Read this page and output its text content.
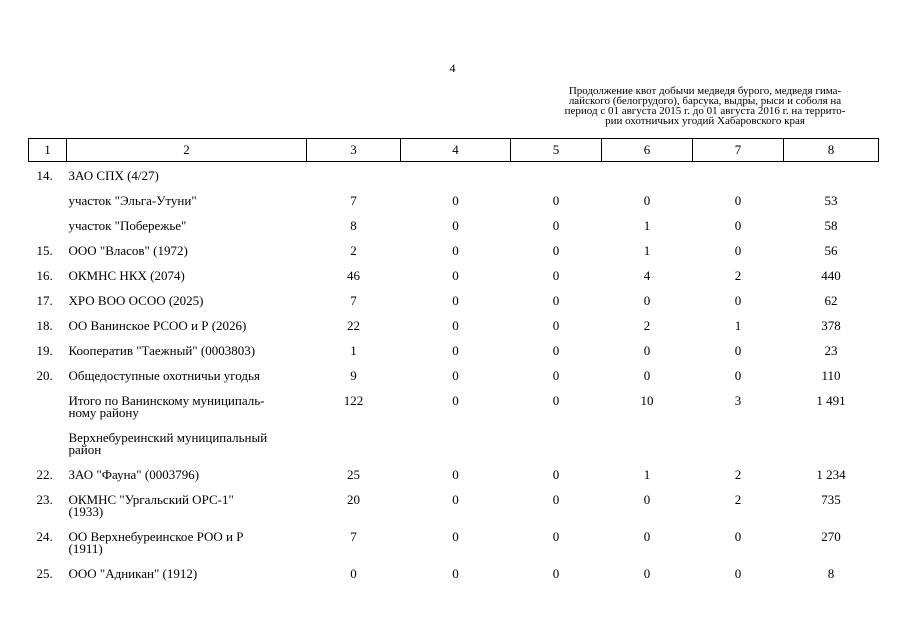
4
Продолжение квот добычи медведя бурого, медведя гима-
лайского (белогрудого), барсука, выдры, рыси и соболя на
период с 01 августа 2015 г. до 01 августа 2016 г. на террито-
рии охотничьих угодий Хабаровского края
1	2	3	4	5	6	7	8
14.	ЗАО СПХ (4/27)						
	участок "Эльга-Утуни"	7	0	0	0	0	53
	участок "Побережье"	8	0	0	1	0	58
15.	ООО "Власов" (1972)	2	0	0	1	0	56
16.	ОКМНС НКХ (2074)	46	0	0	4	2	440
17.	ХРО ВОО ОСОО (2025)	7	0	0	0	0	62
18.	ОО Ванинское РСОО и Р (2026)	22	0	0	2	1	378
19.	Кооператив "Таежный" (0003803)	1	0	0	0	0	23
20.	Общедоступные охотничьи угодья	9	0	0	0	0	110
	Итого по Ванинскому муниципаль-
ному району	122	0	0	10	3	1 491
	Верхнебуреинский муниципальный
район						
22.	ЗАО "Фауна" (0003796)	25	0	0	1	2	1 234
23.	ОКМНС "Ургальский ОРС-1"
(1933)	20	0	0	0	2	735
24.	ОО Верхнебуреинское РОО и Р
(1911)	7	0	0	0	0	270
25.	ООО "Адникан" (1912)	0	0	0	0	0	8
